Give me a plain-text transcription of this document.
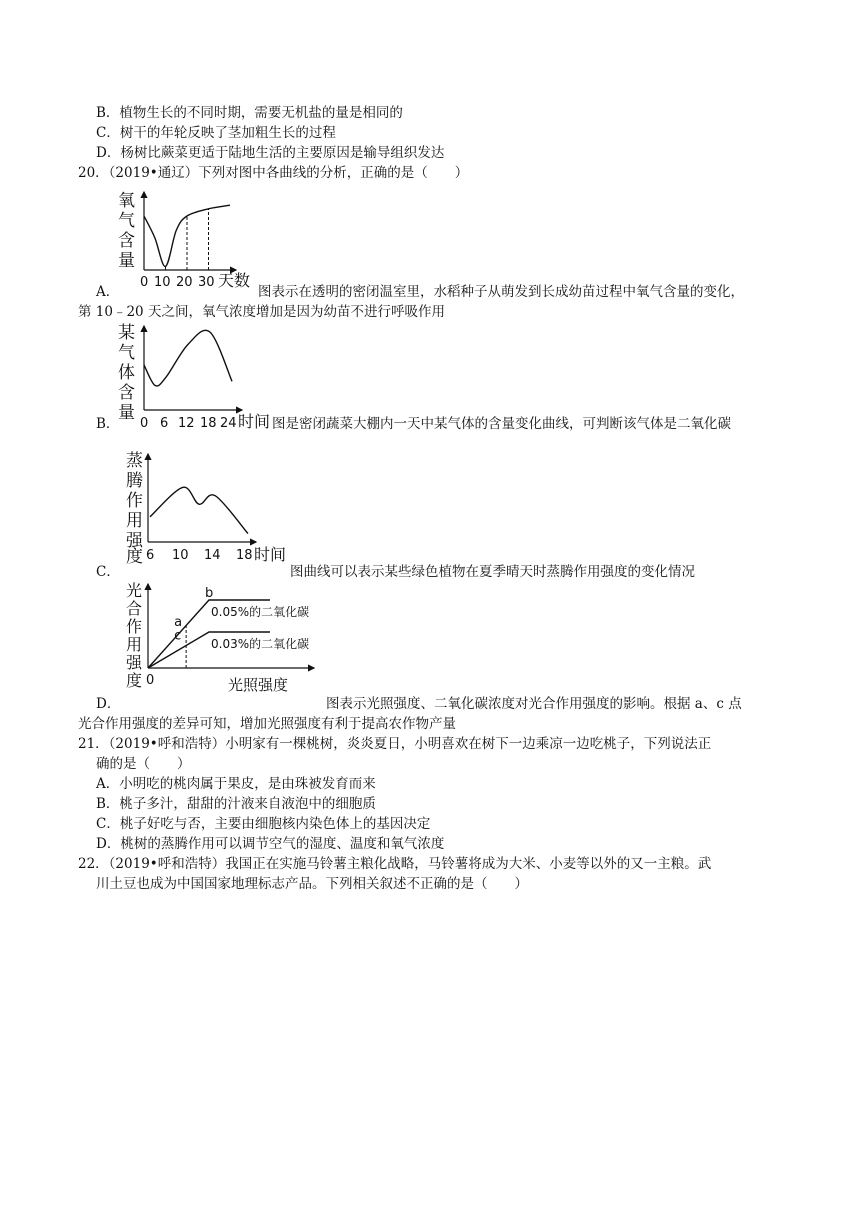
B．植物生长的不同时期，需要无机盐的量是相同的
C．树干的年轮反映了茎加粗生长的过程
D．杨树比蕨菜更适于陆地生活的主要原因是输导组织发达
20．（2019•通辽）下列对图中各曲线的分析，正确的是（　　）
氧
气
含
量
0 10 20 30 天数
A．	图表示在透明的密闭温室里，水稻种子从萌发到长成幼苗过程中氧气含量的变化，
第 10﹣20 天之间，氧气浓度增加是因为幼苗不进行呼吸作用
某
气
体
含
量
0 6 12 18 24 时间
B．	图是密闭蔬菜大棚内一天中某气体的含量变化曲线，可判断该气体是二氧化碳
蒸
腾
作
用
强
度 6 10 14 18 时间
C．	图曲线可以表示某些绿色植物在夏季晴天时蒸腾作用强度的变化情况
光
合
作
用
强
度
0.05%的二氧化碳
0.03%的二氧化碳
a
b
c
0	光照强度
D．	图表示光照强度、二氧化碳浓度对光合作用强度的影响。根据 a、c 点
光合作用强度的差异可知，增加光照强度有利于提高农作物产量
21．（2019•呼和浩特）小明家有一棵桃树，炎炎夏日，小明喜欢在树下一边乘凉一边吃桃子，下列说法正
确的是（　　）
A．小明吃的桃肉属于果皮，是由珠被发育而来
B．桃子多汁，甜甜的汁液来自液泡中的细胞质
C．桃子好吃与否，主要由细胞核内染色体上的基因决定
D．桃树的蒸腾作用可以调节空气的湿度、温度和氧气浓度
22．（2019•呼和浩特）我国正在实施马铃薯主粮化战略，马铃薯将成为大米、小麦等以外的又一主粮。武
川土豆也成为中国国家地理标志产品。下列相关叙述不正确的是（　　）
